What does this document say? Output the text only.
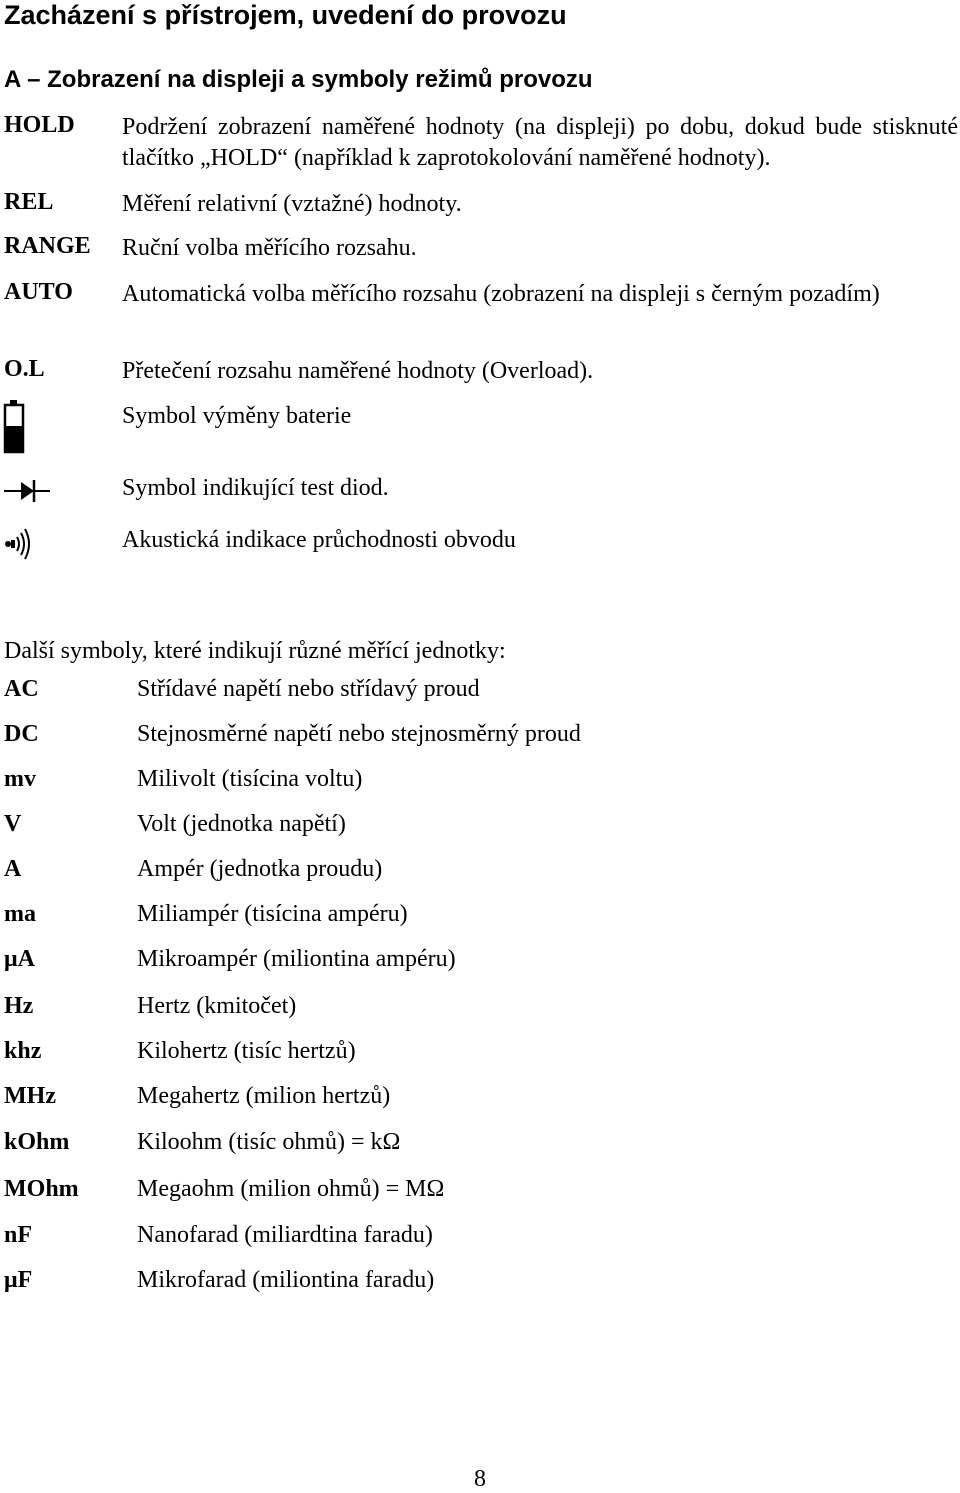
Zacházení s přístrojem, uvedení do provozu
A – Zobrazení na displeji a symboly režimů provozu
HOLD Podržení zobrazení naměřené hodnoty (na displeji) po dobu, dokud bude stisknuté tlačítko „HOLD“ (například k zaprotokolování naměřené hodnoty).
REL	Měření relativní (vztažné) hodnoty.
RANGE Ruční volba měřícího rozsahu.
AUTO Automatická volba měřícího rozsahu (zobrazení na displeji s černým pozadím)
O.L	Přetečení rozsahu naměřené hodnoty (Overload).
Symbol výměny baterie
Symbol indikující test diod.
Akustická indikace průchodnosti obvodu
Další symboly, které indikují různé měřící jednotky:
AC	Střídavé napětí nebo střídavý proud
DC	Stejnosměrné napětí nebo stejnosměrný proud
mv	Milivolt (tisícina voltu)
V	Volt (jednotka napětí)
A	Ampér (jednotka proudu)
ma	Miliampér (tisícina ampéru)
μA	Mikroampér (miliontina ampéru)
Hz	Hertz (kmitočet)
khz	Kilohertz (tisíc hertzů)
MHz	Megahertz (milion hertzů)
kOhm	Kiloohm (tisíc ohmů) = kΩ
MOhm Megaohm (milion ohmů) = MΩ
nF	Nanofarad (miliardtina faradu)
μF	Mikrofarad (miliontina faradu)
8
